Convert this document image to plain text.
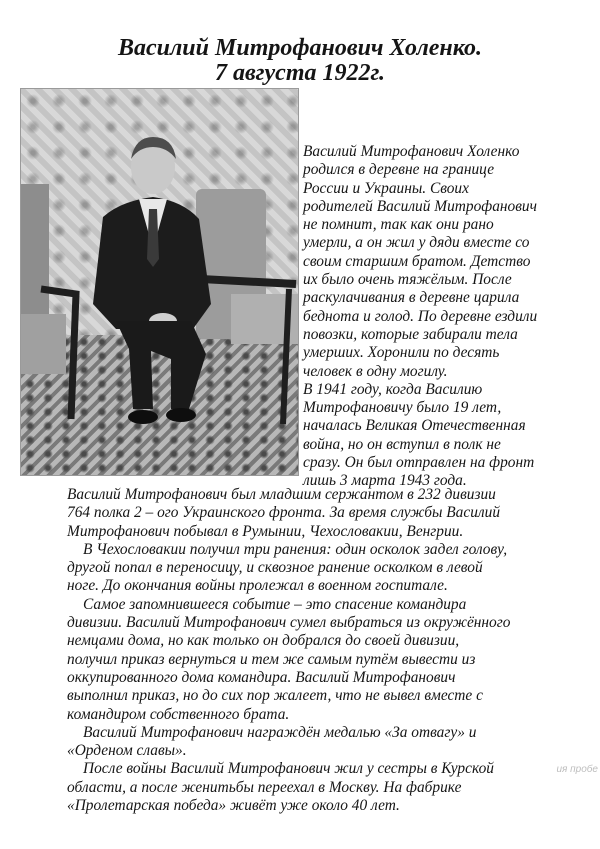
Василий Митрофанович Холенко.
7 августа 1922г.

Василий Митрофанович Холенко
родился в деревне на границе
России и Украины. Своих
родителей Василий Митрофанович
не помнит, так как они рано
умерли, а он жил у дяди вместе со
своим старшим братом. Детство
их было очень тяжёлым. После
раскулачивания в деревне царила
беднота и голод. По деревне ездили
повозки, которые забирали тела
умерших. Хоронили по десять
человек в одну могилу.
В 1941 году, когда Василию
Митрофановичу было 19 лет,
началась Великая Отечественная
война, но он вступил в полк не
сразу. Он был отправлен на фронт
лишь 3 марта 1943 года.

Василий Митрофанович был младшим сержантом в 232 дивизии
764 полка 2 – ого Украинского фронта. За время службы Василий
Митрофанович побывал в Румынии, Чехословакии, Венгрии.
В Чехословакии получил три ранения: один осколок задел голову,
другой попал в переносицу, и сквозное ранение осколком в левой
ноге. До окончания войны пролежал в военном госпитале.
Самое запомнившееся событие – это спасение командира
дивизии. Василий Митрофанович сумел выбраться из окружённого
немцами дома, но как только он добрался до своей дивизии,
получил приказ вернуться и тем же самым путём вывести из
оккупированного дома командира. Василий Митрофанович
выполнил приказ, но до сих пор жалеет, что не вывел вместе с
командиром собственного брата.
Василий Митрофанович награждён медалью «За отвагу» и
«Орденом славы».
После войны Василий Митрофанович жил у сестры в Курской
области, а после женитьбы переехал в Москву. На фабрике
«Пролетарская победа» живёт уже около 40 лет.

ия пробе
